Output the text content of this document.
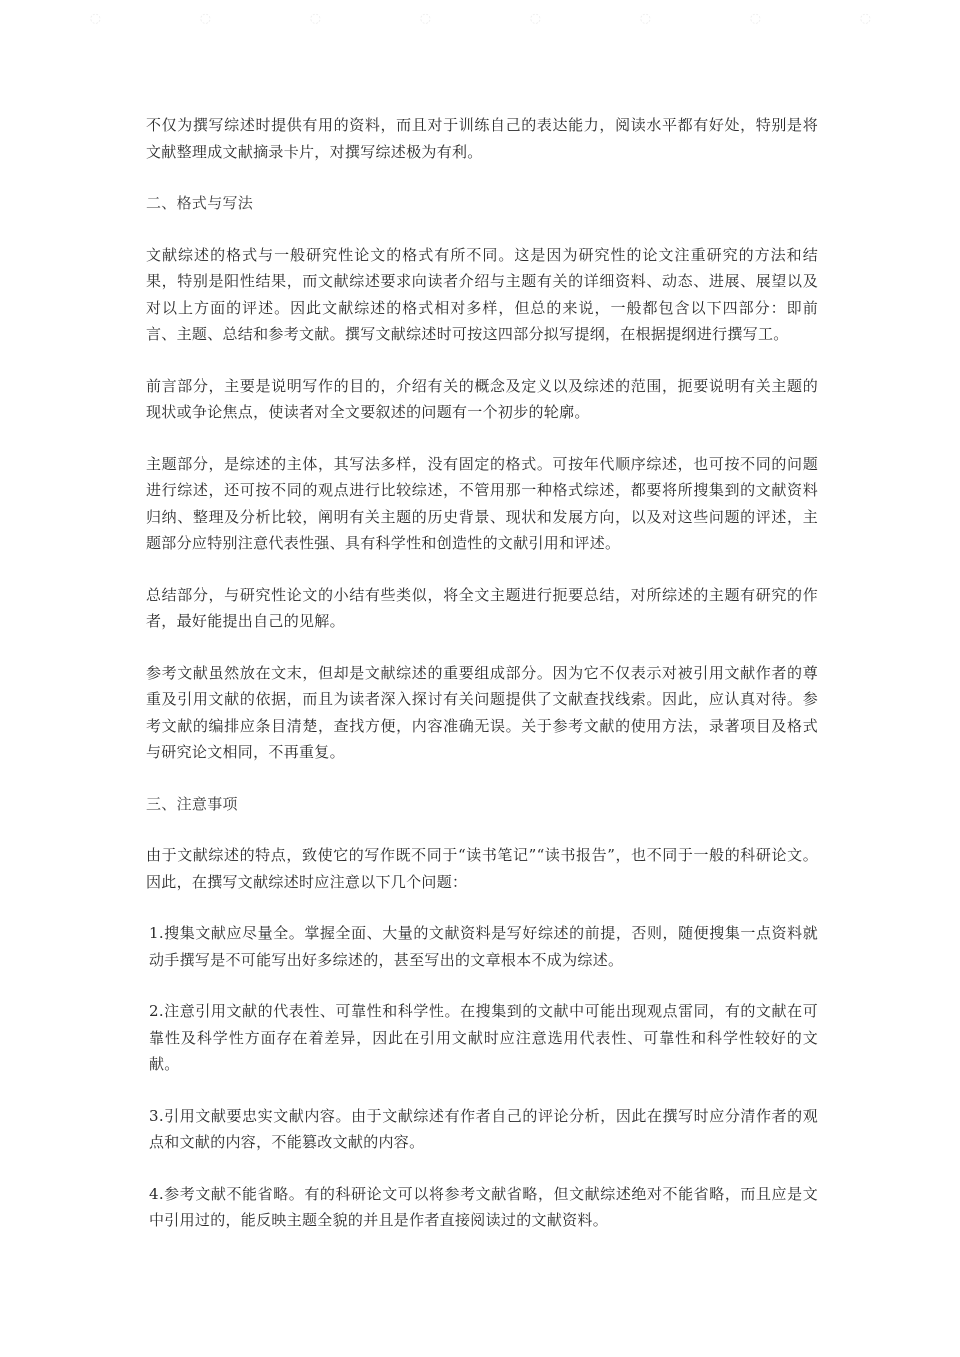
◌	◌	◌	◌	◌	◌	◌	◌

不仅为撰写综述时提供有用的资料，而且对于训练自己的表达能力，阅读水平都有好处，特别是将文献整理成文献摘录卡片，对撰写综述极为有利。

二、格式与写法

文献综述的格式与一般研究性论文的格式有所不同。这是因为研究性的论文注重研究的方法和结果，特别是阳性结果，而文献综述要求向读者介绍与主题有关的详细资料、动态、进展、展望以及对以上方面的评述。因此文献综述的格式相对多样，但总的来说，一般都包含以下四部分：即前言、主题、总结和参考文献。撰写文献综述时可按这四部分拟写提纲，在根据提纲进行撰写工。

前言部分，主要是说明写作的目的，介绍有关的概念及定义以及综述的范围，扼要说明有关主题的现状或争论焦点，使读者对全文要叙述的问题有一个初步的轮廓。

主题部分，是综述的主体，其写法多样，没有固定的格式。可按年代顺序综述，也可按不同的问题进行综述，还可按不同的观点进行比较综述，不管用那一种格式综述，都要将所搜集到的文献资料归纳、整理及分析比较，阐明有关主题的历史背景、现状和发展方向，以及对这些问题的评述，主题部分应特别注意代表性强、具有科学性和创造性的文献引用和评述。

总结部分，与研究性论文的小结有些类似，将全文主题进行扼要总结，对所综述的主题有研究的作者，最好能提出自己的见解。

参考文献虽然放在文末，但却是文献综述的重要组成部分。因为它不仅表示对被引用文献作者的尊重及引用文献的依据，而且为读者深入探讨有关问题提供了文献查找线索。因此，应认真对待。参考文献的编排应条目清楚，查找方便，内容准确无误。关于参考文献的使用方法，录著项目及格式与研究论文相同，不再重复。

三、注意事项

由于文献综述的特点，致使它的写作既不同于“读书笔记”“读书报告”，也不同于一般的科研论文。因此，在撰写文献综述时应注意以下几个问题：

1.搜集文献应尽量全。掌握全面、大量的文献资料是写好综述的前提，否则，随便搜集一点资料就动手撰写是不可能写出好多综述的，甚至写出的文章根本不成为综述。

2.注意引用文献的代表性、可靠性和科学性。在搜集到的文献中可能出现观点雷同，有的文献在可靠性及科学性方面存在着差异，因此在引用文献时应注意选用代表性、可靠性和科学性较好的文献。

3.引用文献要忠实文献内容。由于文献综述有作者自己的评论分析，因此在撰写时应分清作者的观点和文献的内容，不能篡改文献的内容。

4.参考文献不能省略。有的科研论文可以将参考文献省略，但文献综述绝对不能省略，而且应是文中引用过的，能反映主题全貌的并且是作者直接阅读过的文献资料。
